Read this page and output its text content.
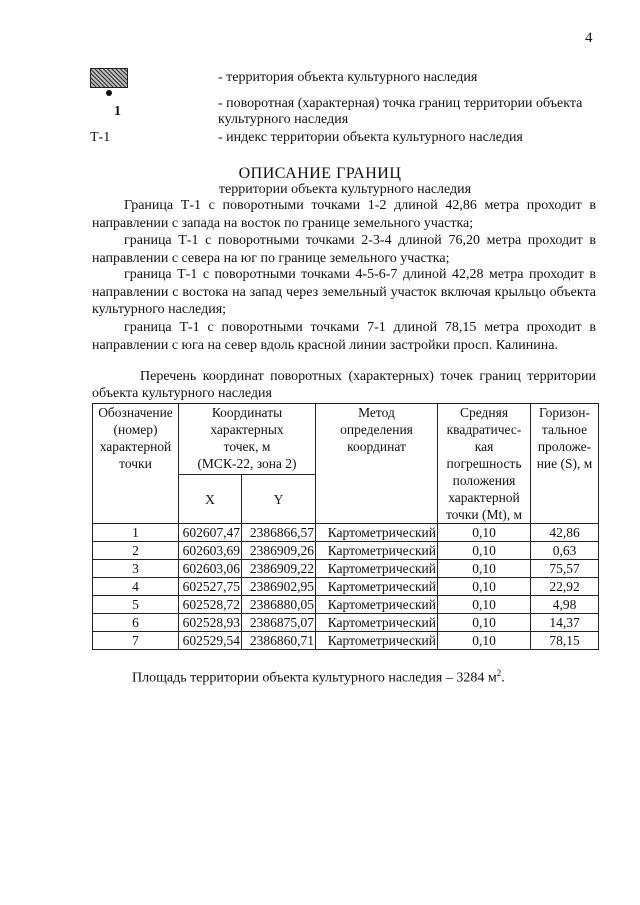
4
- территория объекта культурного наследия
1
- поворотная (характерная) точка границ территории объекта культурного наследия
Т-1	- индекс территории объекта культурного наследия
ОПИСАНИЕ ГРАНИЦ
территории объекта культурного наследия
Граница Т-1 с поворотными точками 1-2 длиной 42,86 метра проходит в направлении с запада на восток по границе земельного участка;
граница Т-1 с поворотными точками 2-3-4 длиной 76,20 метра проходит в направлении с севера на юг по границе земельного участка;
граница Т-1 с поворотными точками 4-5-6-7 длиной 42,28 метра проходит в направлении с востока на запад через земельный участок включая крыльцо объекта культурного наследия;
граница Т-1 с поворотными точками 7-1 длиной 78,15 метра проходит в направлении с юга на север вдоль красной линии застройки просп. Калинина.
Перечень координат поворотных (характерных) точек границ территории объекта культурного наследия
Обозначение (номер) характерной точки	Координаты характерных точек, м (МСК-22, зона 2)		Метод определения координат	Средняя квадратичес-кая погрешность положения характерной точки (Mt), м	Горизон-тальное проложе-ние (S), м
	X	Y			
1	602607,47	2386866,57	Картометрический	0,10	42,86
2	602603,69	2386909,26	Картометрический	0,10	0,63
3	602603,06	2386909,22	Картометрический	0,10	75,57
4	602527,75	2386902,95	Картометрический	0,10	22,92
5	602528,72	2386880,05	Картометрический	0,10	4,98
6	602528,93	2386875,07	Картометрический	0,10	14,37
7	602529,54	2386860,71	Картометрический	0,10	78,15
Площадь территории объекта культурного наследия – 3284 $м^2$.
